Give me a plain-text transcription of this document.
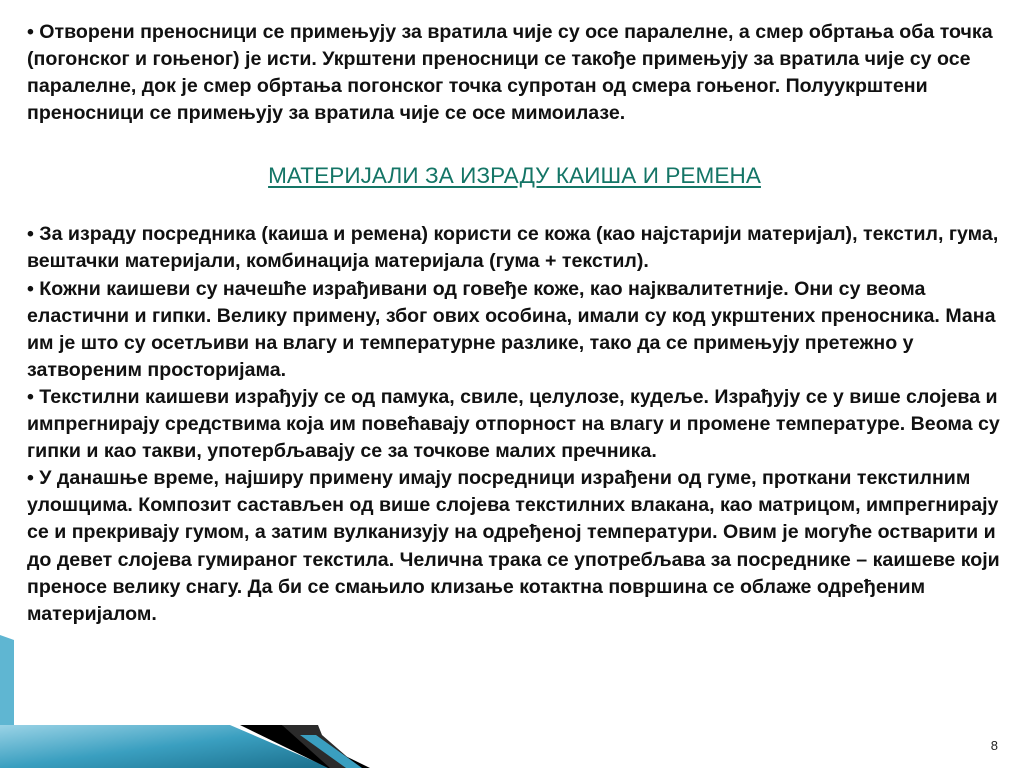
• Отворени преносници се примењују за вратила чије су осе паралелне, а смер обртања оба точка (погонског и гоњеног) је исти. Укрштени преносници се такође примењују за вратила чије су осе паралелне, док је смер обртања погонског точка супротан од смера гоњеног. Полуукрштени преносници се примењују за вратила чије се осе мимоилазе.

МАТЕРИЈАЛИ ЗА ИЗРАДУ КАИША И РЕМЕНА

• За израду посредника (каиша и ремена) користи се кожа (као најстарији материјал), текстил, гума, вештачки материјали, комбинација материјала (гума + текстил).

• Кожни каишеви су начешће израђивани од говеђе коже, као најквалитетније. Они су веома еластични и гипки. Велику примену, због ових особина, имали су код укрштених преносника. Мана им је што су осетљиви на влагу и температурне разлике, тако да се примењују претежно у затвореним просторијама.

• Текстилни каишеви израђују се од памука, свиле, целулозе, кудеље. Израђују се у више слојева и импрегнирају средствима која им повећавају отпорност на влагу и промене температуре. Веома су гипки и као такви, употербљавају се за точкове малих пречника.

• У данашње време, најширу примену имају посредници израђени од гуме, проткани текстилним улошцима. Композит састављен од више слојева текстилних влакана, као матрицом, импрегнирају се и прекривају гумом, а затим вулканизују на одређеној температури. Овим је могуће остварити и до девет слојева гумираног текстила. Челична трака се употребљава за посреднике – каишеве који преносе велику снагу. Да би се смањило клизање котактна површина се облаже одређеним материјалом.

8
